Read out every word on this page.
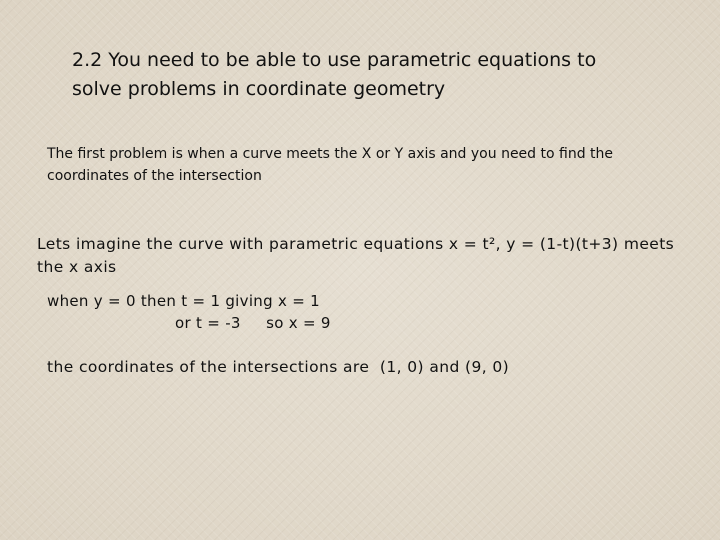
2.2 You need to be able to use parametric equations to
solve problems in coordinate geometry
The first problem is when a curve meets the X or Y axis and you need to find the
coordinates of the intersection
Lets imagine the curve with parametric equations x = t², y = (1-t)(t+3) meets
the x axis
when y = 0 then t = 1 giving x = 1
or t = -3     so x = 9
the coordinates of the intersections are  (1, 0) and (9, 0)
